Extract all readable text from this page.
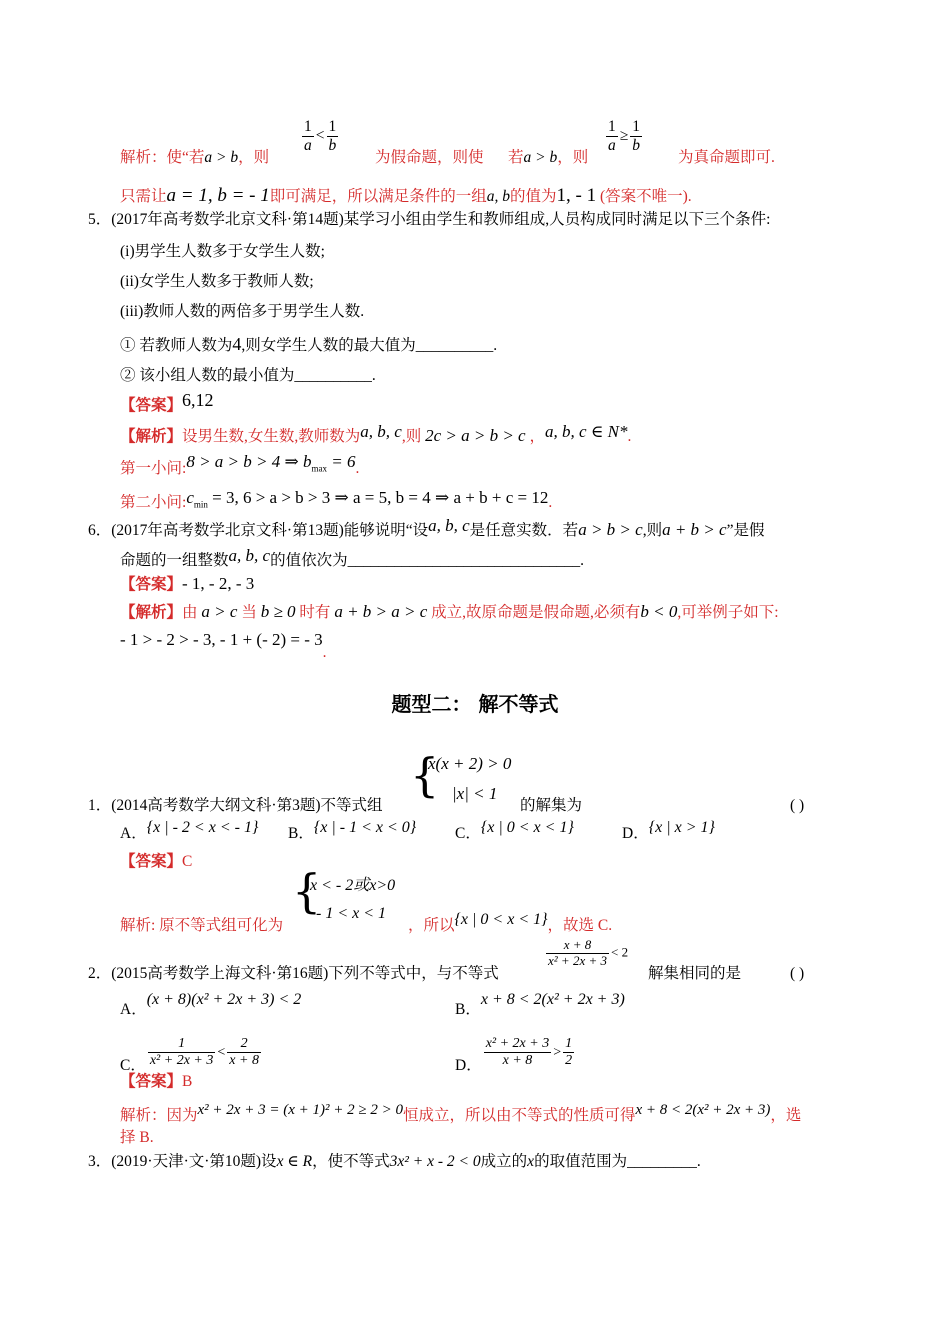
解析：使“若a > b，则
$\frac{1}{a} < \frac{1}{b}$
为假命题，则使 若a > b，则
$\frac{1}{a} \ge \frac{1}{b}$
为真命题即可.
只需让a = 1, b = - 1即可满足，所以满足条件的一组a, b的值为1, - 1 (答案不唯一).
5．(2017年高考数学北京文科·第14题)某学习小组由学生和教师组成,人员构成同时满足以下三个条件:
(i)男学生人数多于女学生人数;
(ii)女学生人数多于教师人数;
(iii)教师人数的两倍多于男学生人数.
① 若教师人数为4,则女学生人数的最大值为__________.
② 该小组人数的最小值为__________.
【答案】6,12
【解析】设男生数,女生数,教师数为a, b, c,则 2c > a > b > c ，a, b, c ∈ N*.
第一小问:8 > a > b > 4 ⇒ $b_{max} = 6$.
第二小问$:c_{min} = 3$, 6 > a > b > 3 ⇒ a = 5, b = 4 ⇒ a + b + c = 12.
6．(2017年高考数学北京文科·第13题)能够说明“设a, b, c是任意实数．若a > b > c,则a + b > c”是假
命题的一组整数a, b, c的值依次为______________________________.
【答案】- 1, - 2, - 3
【解析】由 a > c 当 b ≥ 0 时有 a + b > a > c 成立,故原命题是假命题,必须有b < 0,可举例子如下:
- 1 > - 2 > - 3, - 1 + (- 2) = - 3.
题型二： 解不等式
{
x(x + 2) > 0
|x| < 1
1．(2014高考数学大纲文科·第3题)不等式组	的解集为	( )
A．{x | - 2 < x < - 1} B．{x | - 1 < x < 0}	C．{x | 0 < x < 1}	D．{x | x > 1}
【答案】C
{
x < - 2或x>0
- 1 < x < 1
解析: 原不等式组可化为	，所以{x | 0 < x < 1}，故选 C.
2．(2015高考数学上海文科·第16题)下列不等式中，与不等式
$\frac{x + 8}{\text{x² + 2x + 3}} < 2$
解集相同的是	( )
A．(x + 8)(x² + 2x + 3) < 2
B．x + 8 < 2(x² + 2x + 3)
C． $\frac{1}{\text{x² + 2x + 3}} < \frac{2}{x + 8}$	D． $\frac{\text{x² + 2x + 3}}{x + 8} > \frac{1}{2}$
【答案】B
解析：因为x² + 2x + 3 = (x + 1)² + 2 ≥ 2 > 0恒成立，所以由不等式的性质可得x + 8 < 2(x² + 2x + 3)，选
择 B.
3．(2019·天津·文·第10题)设x ∈ R，使不等式3x² + x - 2 < 0成立的x的取值范围为_________.
